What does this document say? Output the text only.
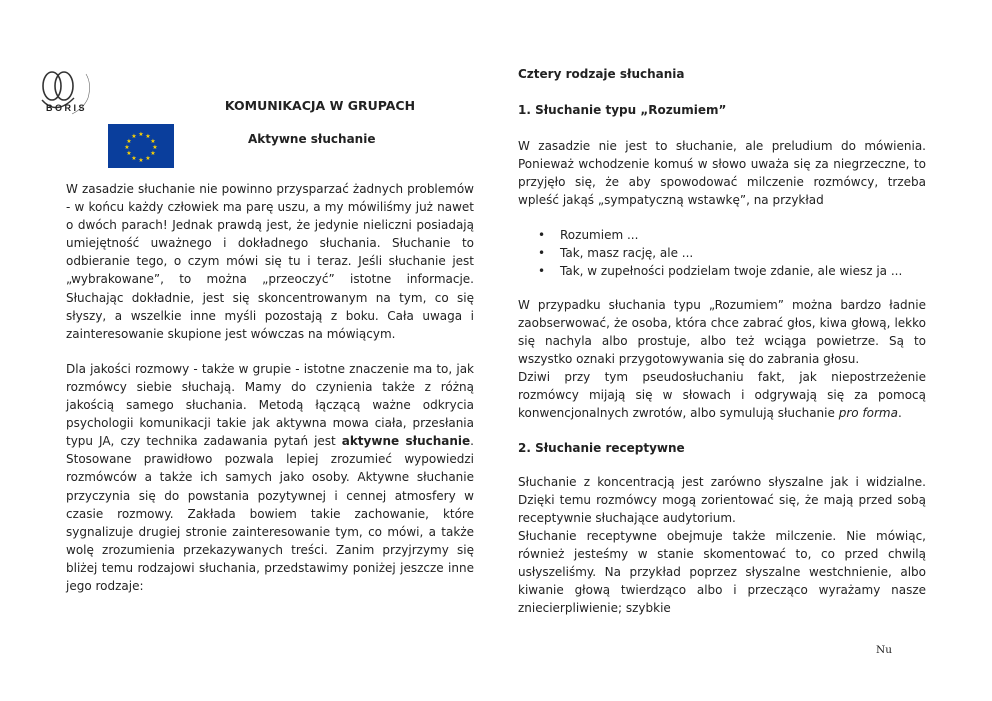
B O R I S
★ ★
★
★
★
★
★
★
★
★
★
★
KOMUNIKACJA W GRUPACH
Aktywne słuchanie

W zasadzie słuchanie nie powinno przysparzać żadnych problemów - w końcu każdy człowiek ma parę uszu, a my mówiliśmy już nawet o dwóch parach! Jednak prawdą jest, że jedynie nieliczni posiadają umiejętność uważnego i dokładnego słuchania. Słuchanie to odbieranie tego, o czym mówi się tu i teraz. Jeśli słuchanie jest „wybrakowane”, to można „przeoczyć” istotne informacje. Słuchając dokładnie, jest się skoncentrowanym na tym, co się słyszy, a wszelkie inne myśli pozostają z boku. Cała uwaga i zainteresowanie skupione jest wówczas na mówiącym.

Dla jakości rozmowy - także w grupie - istotne znaczenie ma to, jak rozmówcy siebie słuchają. Mamy do czynienia także z różną jakością samego słuchania. Metodą łączącą ważne odkrycia psychologii komunikacji takie jak aktywna mowa ciała, przesłania typu JA, czy technika zadawania pytań jest aktywne słuchanie. Stosowane prawidłowo pozwala lepiej zrozumieć wypowiedzi rozmówców a także ich samych jako osoby. Aktywne słuchanie przyczynia się do powstania pozytywnej i cennej atmosfery w czasie rozmowy. Zakłada bowiem takie zachowanie, które sygnalizuje drugiej stronie zainteresowanie tym, co mówi, a także wolę zrozumienia przekazywanych treści. Zanim przyjrzymy się bliżej temu rodzajowi słuchania, przedstawimy poniżej jeszcze inne jego rodzaje:

Cztery rodzaje słuchania

1. Słuchanie typu „Rozumiem”

W zasadzie nie jest to słuchanie, ale preludium do mówienia. Ponieważ wchodzenie komuś w słowo uważa się za niegrzeczne, to przyjęło się, że aby spowodować milczenie rozmówcy, trzeba wpleść jakąś „sympatyczną wstawkę”, na przykład

• Rozumiem ...
• Tak, masz rację, ale ...
• Tak, w zupełności podzielam twoje zdanie, ale wiesz ja ...

W przypadku słuchania typu „Rozumiem” można bardzo ładnie zaobserwować, że osoba, która chce zabrać głos, kiwa głową, lekko się nachyla albo prostuje, albo też wciąga powietrze. Są to wszystko oznaki przygotowywania się do zabrania głosu.

Dziwi przy tym pseudosłuchaniu fakt, jak niepostrzeżenie rozmówcy mijają się w słowach i odgrywają się za pomocą konwencjonalnych zwrotów, albo symulują słuchanie pro forma.

2. Słuchanie receptywne

Słuchanie z koncentracją jest zarówno słyszalne jak i widzialne. Dzięki temu rozmówcy mogą zorientować się, że mają przed sobą receptywnie słuchające audytorium.

Słuchanie receptywne obejmuje także milczenie. Nie mówiąc, również jesteśmy w stanie skomentować to, co przed chwilą usłyszeliśmy. Na przykład poprzez słyszalne westchnienie, albo kiwanie głową twierdząco albo i przecząco wyrażamy nasze zniecierpliwienie; szybkie

Nu
